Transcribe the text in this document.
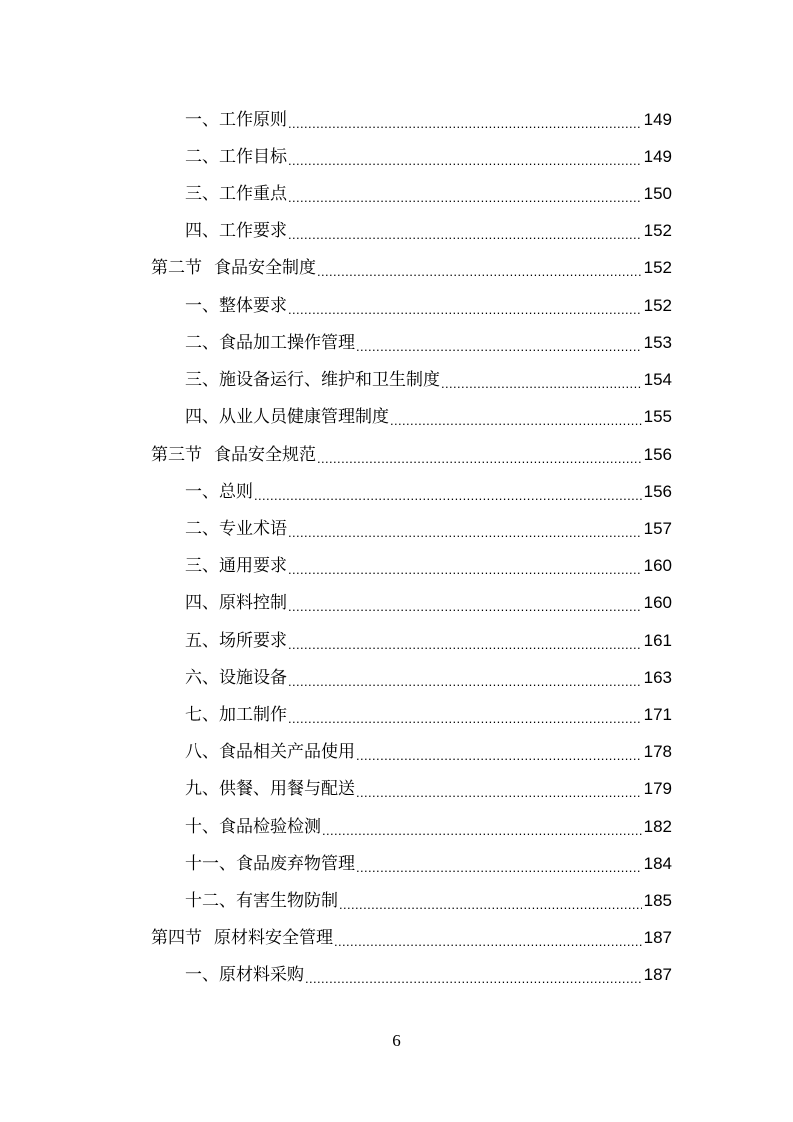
一、工作原则 .....	149
二、工作目标 .....	149
三、工作重点 .....	150
四、工作要求 .....	152
第二节 食品安全制度 .....	152
一、整体要求 .....	152
二、食品加工操作管理 .....	153
三、施设备运行、维护和卫生制度 .....	154
四、从业人员健康管理制度 .....	155
第三节 食品安全规范 .....	156
一、总则 .....	156
二、专业术语 .....	157
三、通用要求 .....	160
四、原料控制 .....	160
五、场所要求 .....	161
六、设施设备 .....	163
七、加工制作 .....	171
八、食品相关产品使用 .....	178
九、供餐、用餐与配送 .....	179
十、食品检验检测 .....	182
十一、食品废弃物管理 .....	184
十二、有害生物防制 .....	185
第四节 原材料安全管理 .....	187
一、原材料采购 .....	187
6
